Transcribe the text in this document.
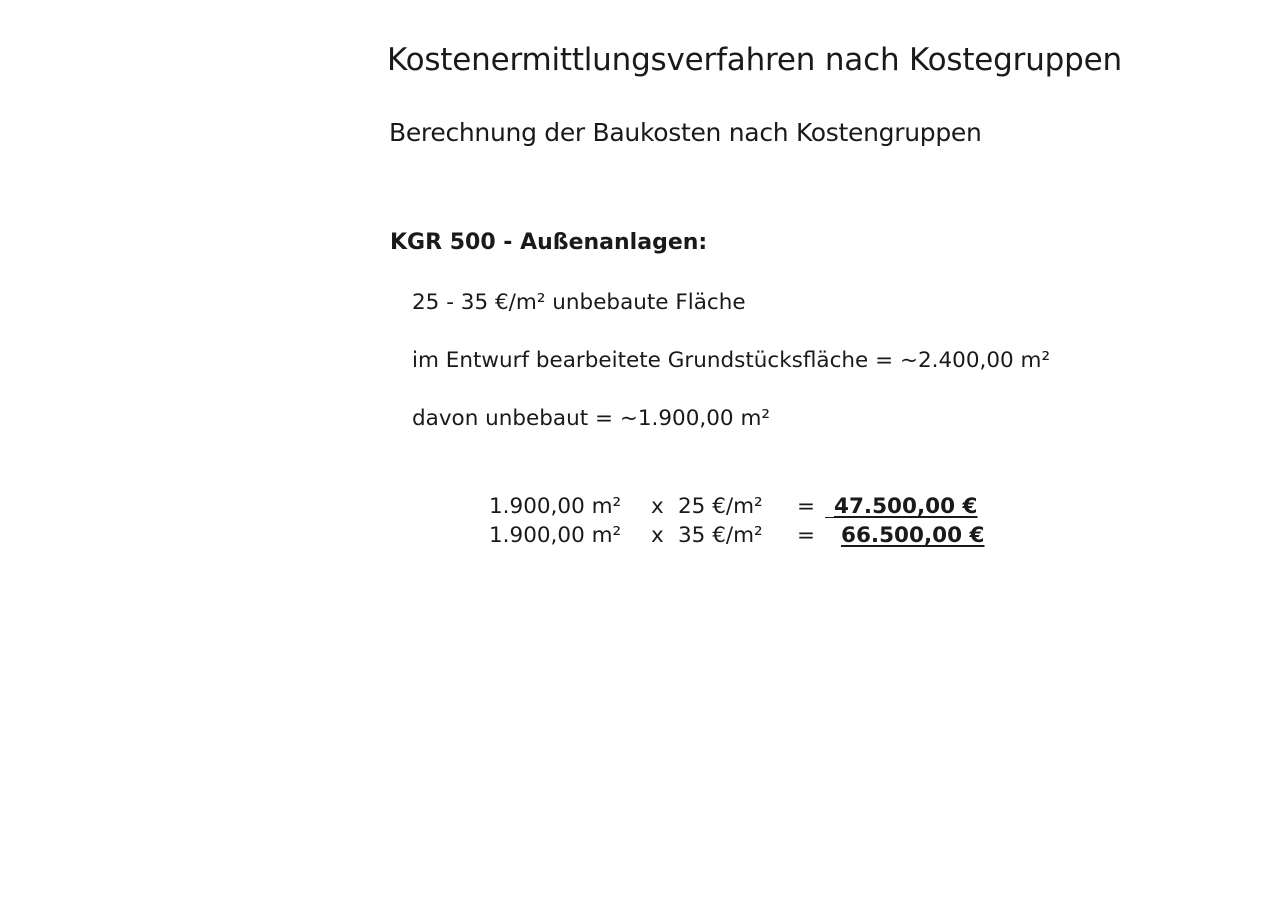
Kostenermittlungsverfahren nach Kostegruppen
Berechnung der Baukosten nach Kostengruppen
KGR 500 - Außenanlagen:
25 - 35 €/m² unbebaute Fläche
im Entwurf bearbeitete Grundstücksfläche = ~2.400,00 m²
davon unbebaut = ~1.900,00 m²
1.900,00 m² x 25 €/m² = 47.500,00 €
1.900,00 m² x 35 €/m² = 66.500,00 €
